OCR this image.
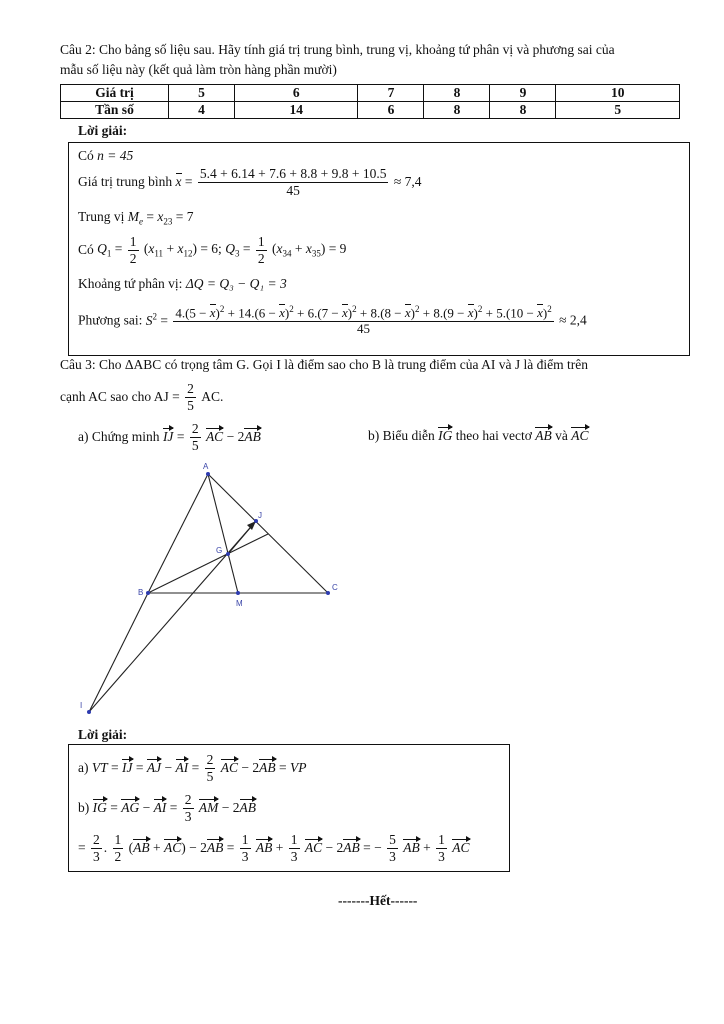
Câu 2: Cho bảng số liệu sau. Hãy tính giá trị trung bình, trung vị, khoảng tứ phân vị và phương sai của
mẫu số liệu này (kết quả làm tròn hàng phần mười)
Giá trị	5	6	7	8	9	10
Tần số	4	14	6	8	8	5
Lời giải:
Có n = 45
Giá trị trung bình $x = \frac{5.4 + 6.14 + 7.6 + 8.8 + 9.8 + 10.5}{45} \approx 7,4$
Trung vị $M_e = x_{23} = 7$
Có $Q_1 = \frac{1}{2} (x_{11} + x_{12}) = 6$; $Q_3 = \frac{1}{2} (x_{34} + x_{35}) = 9$
Khoảng tứ phân vị: ΔQ = Q₃ − Q₁ = 3
Phương sai: $S^2$ =
$4.(5 - x)^2 + 14.(6 - x)^2 + 6.(7 - x)^2 + 8.(8 - x)^2 + 8.(9 - x)^2 + 5.(10 - x)^2$
45
≈ 2,4
Câu 3: Cho ΔABC có trọng tâm G. Gọi I là điểm sao cho B là trung điểm của AI và J là điểm trên
cạnh AC sao cho AJ = $\frac{2}{5}$ AC.
a) Chứng minh IJ = $\frac{2}{5}$ AC − 2AB	b) Biểu diễn IG theo hai vectơ AB và AC
A
J
G
B
M
C
I
Lời giải:
a) VT = IJ = AJ − AI = $\frac{2}{5}$ AC − 2AB = VP
b) IG = AG − AI = $\frac{2}{3}$ AM − 2AB
= $\frac{2}{3}$ . $\frac{1}{2} (AB + AC) - 2AB = \frac{1}{3}$ AB + $\frac{1}{3}$ AC − 2AB = − $\frac{5}{3}$ AB + $\frac{1}{3}$ AC
-------Hết------
